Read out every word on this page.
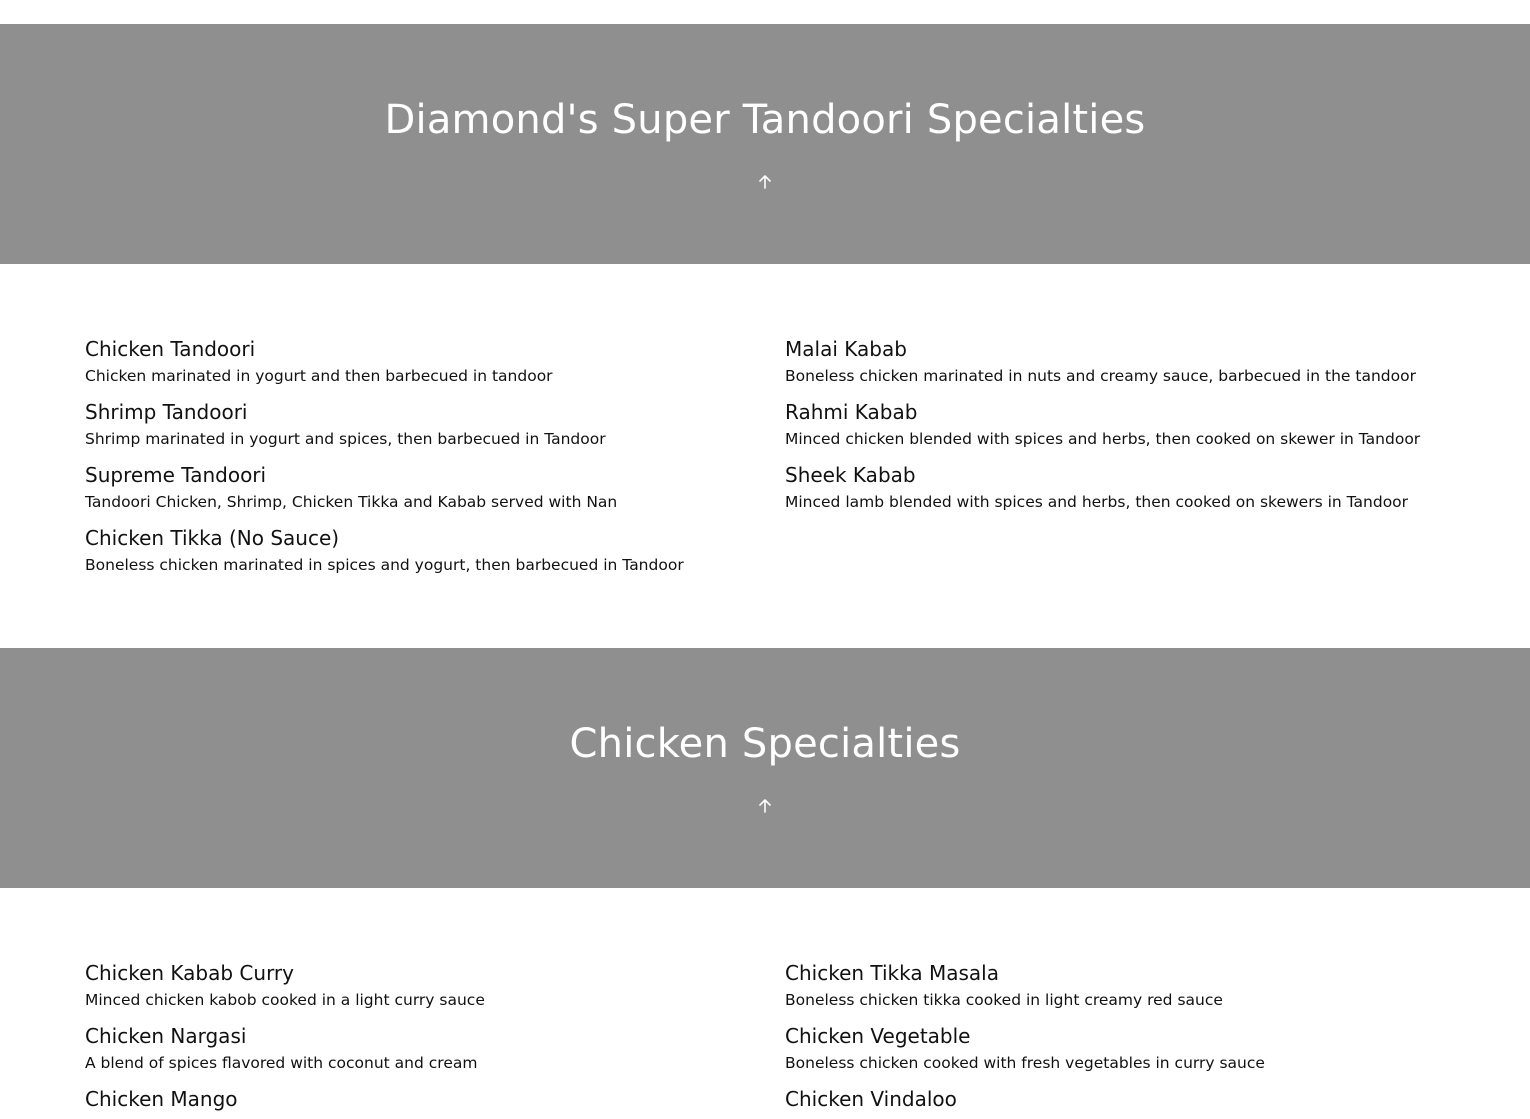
Diamond's Super Tandoori Specialties
Chicken Tandoori

Chicken marinated in yogurt and then barbecued in tandoor

Shrimp Tandoori

Shrimp marinated in yogurt and spices, then barbecued in Tandoor

Supreme Tandoori

Tandoori Chicken, Shrimp, Chicken Tikka and Kabab served with Nan

Chicken Tikka (No Sauce)

Boneless chicken marinated in spices and yogurt, then barbecued in Tandoor

Malai Kabab

Boneless chicken marinated in nuts and creamy sauce, barbecued in the tandoor

Rahmi Kabab

Minced chicken blended with spices and herbs, then cooked on skewer in Tandoor

Sheek Kabab

Minced lamb blended with spices and herbs, then cooked on skewers in Tandoor

Chicken Specialties
Chicken Kabab Curry

Minced chicken kabob cooked in a light curry sauce

Chicken Nargasi

A blend of spices flavored with coconut and cream

Chicken Mango

Chicken Tikka Masala

Boneless chicken tikka cooked in light creamy red sauce

Chicken Vegetable

Boneless chicken cooked with fresh vegetables in curry sauce

Chicken Vindaloo
